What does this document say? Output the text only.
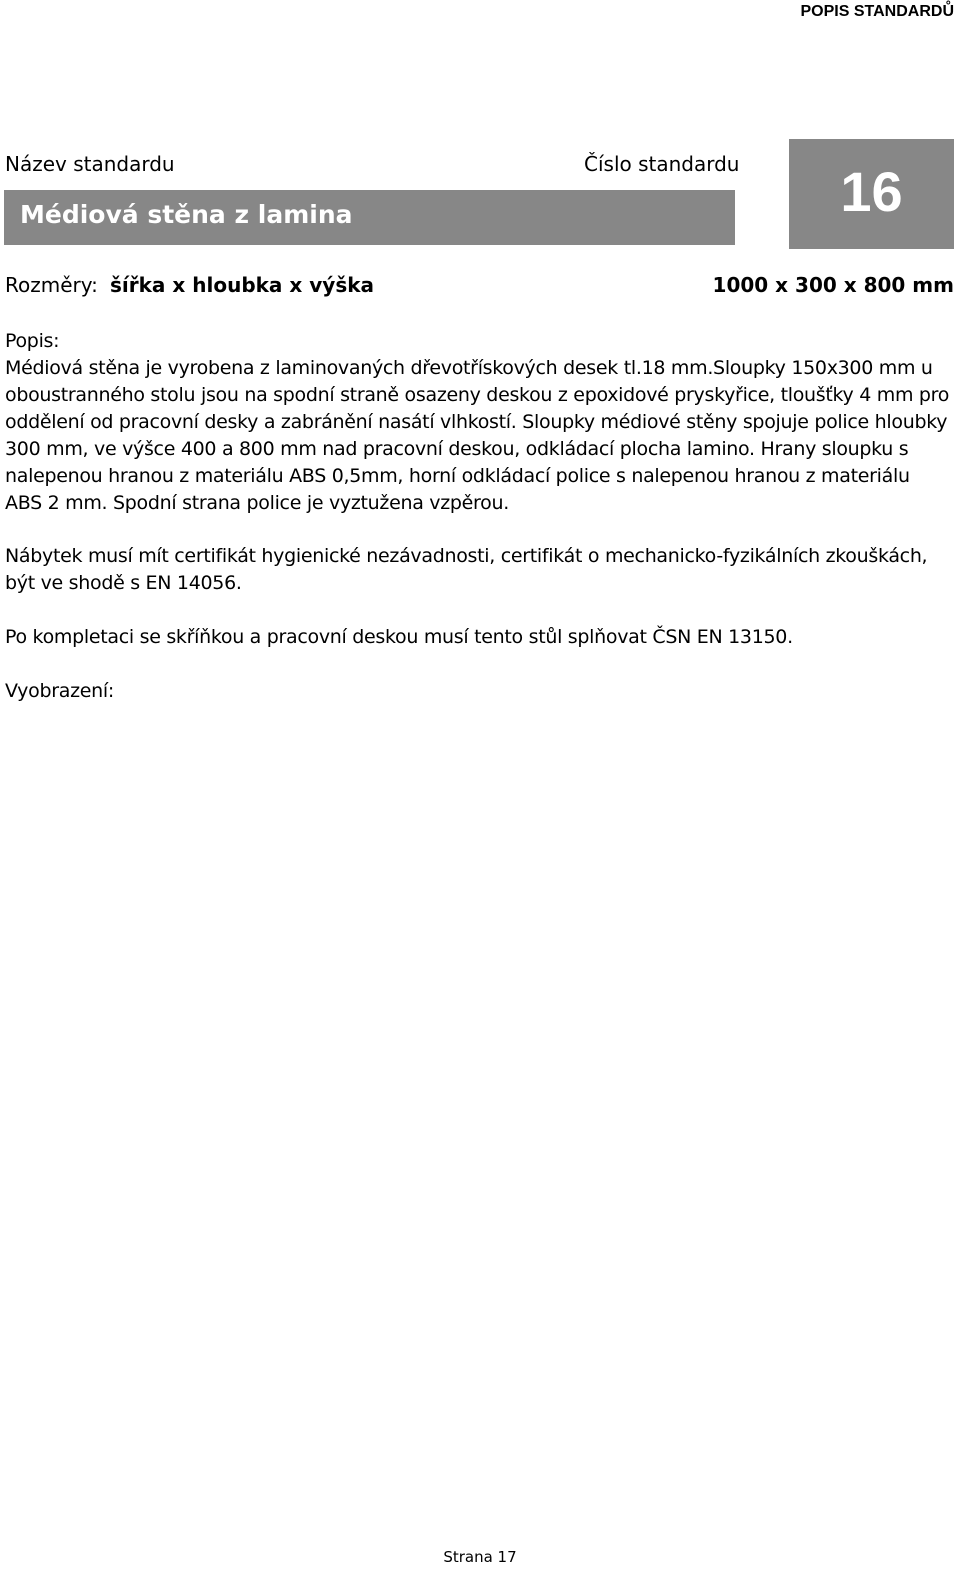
POPIS STANDARDŮ
Název standardu	Číslo standardu
Médiová stěna z lamina	16
Rozměry: šířka x hloubka x výška	1000 x 300 x 800 mm
Popis:
Médiová stěna je vyrobena z laminovaných dřevotřískových desek tl.18 mm.Sloupky 150x300 mm u oboustranného stolu jsou na spodní straně osazeny deskou z epoxidové pryskyřice, tloušťky 4 mm pro oddělení od pracovní desky a zabránění nasátí vlhkostí. Sloupky médiové stěny spojuje police hloubky 300 mm, ve výšce 400 a 800 mm nad pracovní deskou, odkládací plocha lamino. Hrany sloupku s nalepenou hranou z materiálu ABS 0,5mm, horní odkládací police s nalepenou hranou z materiálu ABS 2 mm. Spodní strana police je vyztužena vzpěrou.
Nábytek musí mít certifikát hygienické nezávadnosti, certifikát o mechanicko-fyzikálních zkouškách, být ve shodě s EN 14056.
Po kompletaci se skříňkou a pracovní deskou musí tento stůl splňovat ČSN EN 13150.
Vyobrazení:
Strana 17
